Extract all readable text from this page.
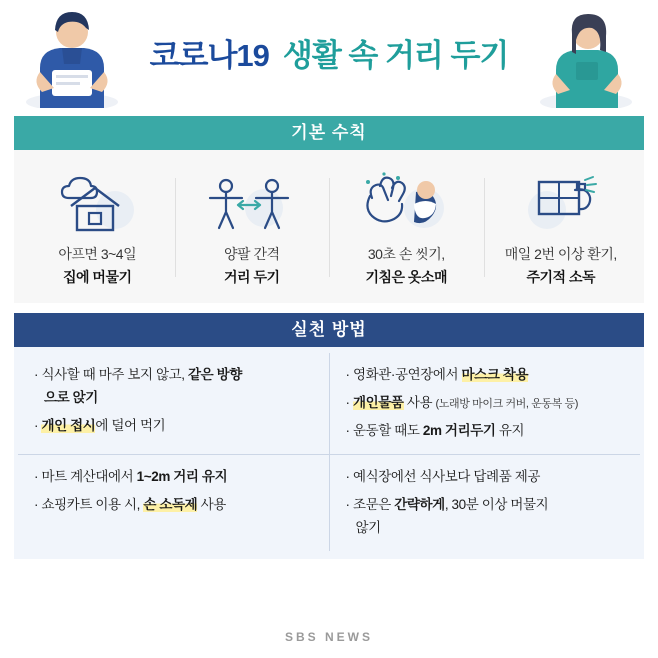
코로나19 생활 속 거리 두기
기본 수칙
아프면 3~4일
집에 머물기
양팔 간격
거리 두기
30초 손 씻기,
기침은 옷소매
매일 2번 이상 환기,
주기적 소독
실천 방법
· 식사할 때 마주 보지 않고, 같은 방향
으로 앉기
· 개인 접시에 덜어 먹기
· 영화관·공연장에서 마스크 착용
· 개인물품 사용 (노래방 마이크 커버, 운동복 등)
· 운동할 때도 2m 거리두기 유지
· 마트 계산대에서 1~2m 거리 유지
· 쇼핑카트 이용 시, 손 소독제 사용
· 예식장에선 식사보다 답례품 제공
· 조문은 간략하게, 30분 이상 머물지
않기
SBS NEWS
